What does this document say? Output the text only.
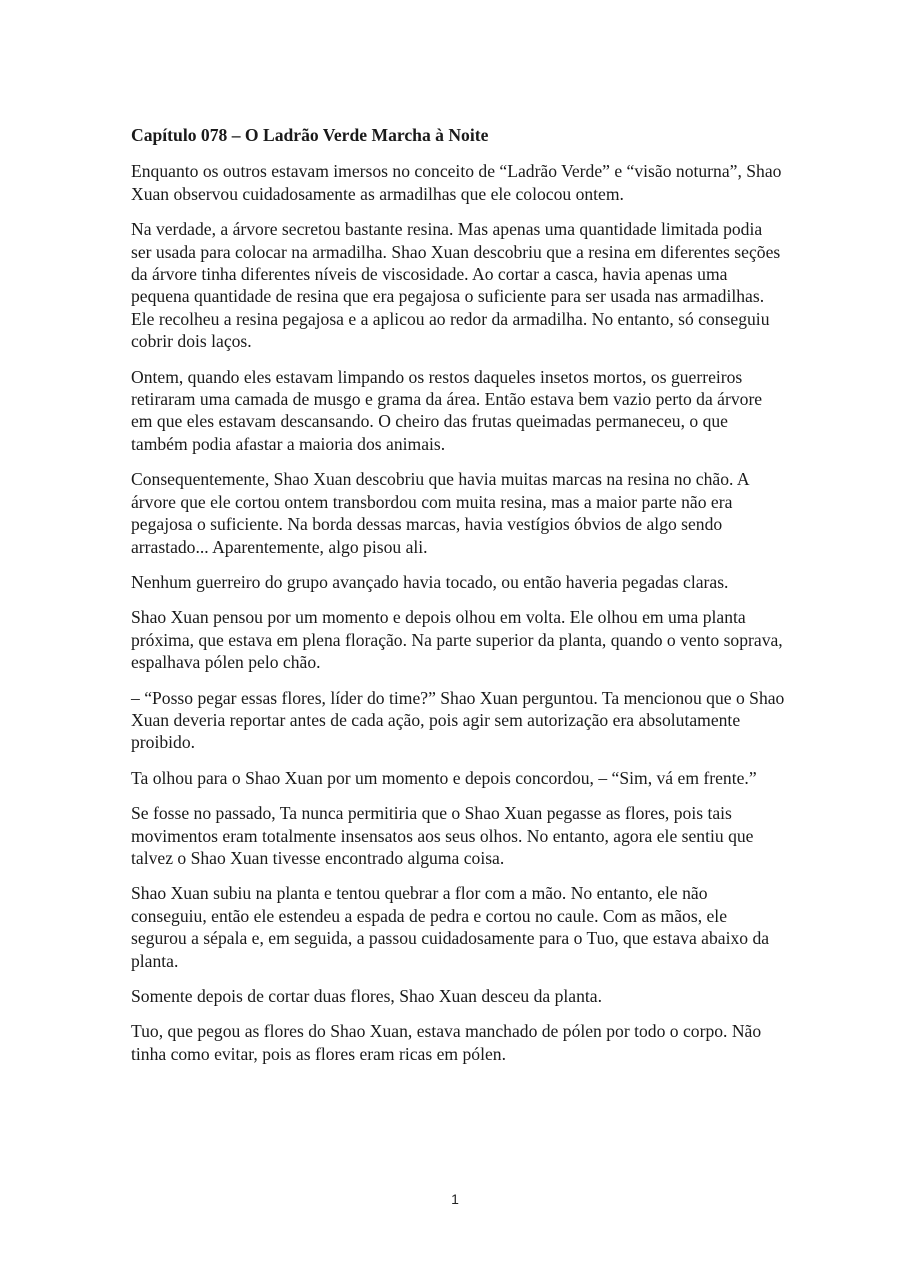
Capítulo 078 – O Ladrão Verde Marcha à Noite

Enquanto os outros estavam imersos no conceito de “Ladrão Verde” e “visão noturna”, Shao Xuan observou cuidadosamente as armadilhas que ele colocou ontem.

Na verdade, a árvore secretou bastante resina. Mas apenas uma quantidade limitada podia ser usada para colocar na armadilha. Shao Xuan descobriu que a resina em diferentes seções da árvore tinha diferentes níveis de viscosidade. Ao cortar a casca, havia apenas uma pequena quantidade de resina que era pegajosa o suficiente para ser usada nas armadilhas. Ele recolheu a resina pegajosa e a aplicou ao redor da armadilha. No entanto, só conseguiu cobrir dois laços.

Ontem, quando eles estavam limpando os restos daqueles insetos mortos, os guerreiros retiraram uma camada de musgo e grama da área. Então estava bem vazio perto da árvore em que eles estavam descansando. O cheiro das frutas queimadas permaneceu, o que também podia afastar a maioria dos animais.

Consequentemente, Shao Xuan descobriu que havia muitas marcas na resina no chão. A árvore que ele cortou ontem transbordou com muita resina, mas a maior parte não era pegajosa o suficiente. Na borda dessas marcas, havia vestígios óbvios de algo sendo arrastado... Aparentemente, algo pisou ali.

Nenhum guerreiro do grupo avançado havia tocado, ou então haveria pegadas claras.

Shao Xuan pensou por um momento e depois olhou em volta. Ele olhou em uma planta próxima, que estava em plena floração. Na parte superior da planta, quando o vento soprava, espalhava pólen pelo chão.

– “Posso pegar essas flores, líder do time?” Shao Xuan perguntou. Ta mencionou que o Shao Xuan deveria reportar antes de cada ação, pois agir sem autorização era absolutamente proibido.

Ta olhou para o Shao Xuan por um momento e depois concordou, – “Sim, vá em frente.”

Se fosse no passado, Ta nunca permitiria que o Shao Xuan pegasse as flores, pois tais movimentos eram totalmente insensatos aos seus olhos. No entanto, agora ele sentiu que talvez o Shao Xuan tivesse encontrado alguma coisa.

Shao Xuan subiu na planta e tentou quebrar a flor com a mão. No entanto, ele não conseguiu, então ele estendeu a espada de pedra e cortou no caule. Com as mãos, ele segurou a sépala e, em seguida, a passou cuidadosamente para o Tuo, que estava abaixo da planta.

Somente depois de cortar duas flores, Shao Xuan desceu da planta.

Tuo, que pegou as flores do Shao Xuan, estava manchado de pólen por todo o corpo. Não tinha como evitar, pois as flores eram ricas em pólen.

1
